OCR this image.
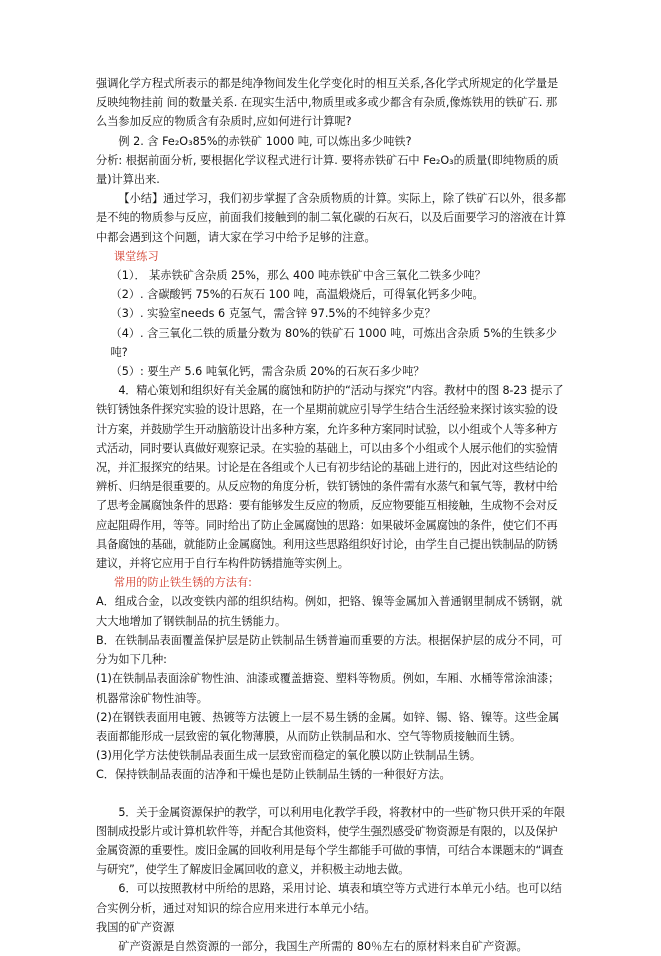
强调化学方程式所表示的都是纯净物间发生化学变化时的相互关系,各化学式所规定的化学量是反映纯物挂前 间的数量关系. 在现实生活中,物质里或多或少都含有杂质,像炼铁用的铁矿石. 那么当参加反应的物质含有杂质时,应如何进行计算呢?

例 2. 含 Fe₂O₃85%的赤铁矿 1000 吨, 可以炼出多少吨铁?

分析: 根据前面分析, 要根据化学议程式进行计算. 要将赤铁矿石中 Fe₂O₃的质量(即纯物质的质量)计算出来.

【小结】通过学习，我们初步掌握了含杂质物质的计算。实际上，除了铁矿石以外，很多都是不纯的物质参与反应，前面我们接触到的制二氧化碳的石灰石，以及后面要学习的溶液在计算中都会遇到这个问题，请大家在学习中给予足够的注意。

课堂练习

（1）． 某赤铁矿含杂质 25%，那么 400 吨赤铁矿中含三氧化二铁多少吨？

（2）. 含碳酸钙 75%的石灰石 100 吨，高温煅烧后，可得氧化钙多少吨。

（3）. 实验室needs 6 克氢气，需含锌 97.5%的不纯锌多少克？

（4）. 含三氧化二铁的质量分数为 80%的铁矿石 1000 吨，可炼出含杂质 5%的生铁多少吨?

（5）: 要生产 5.6 吨氧化钙，需含杂质 20%的石灰石多少吨？

4．精心策划和组织好有关金属的腐蚀和防护的“活动与探究”内容。教材中的图 8-23 提示了铁钉锈蚀条件探究实验的设计思路，在一个星期前就应引导学生结合生活经验来探讨该实验的设计方案，并鼓励学生开动脑筋设计出多种方案，允许多种方案同时试验，以小组或个人等多种方式活动，同时要认真做好观察记录。在实验的基础上，可以由多个小组或个人展示他们的实验情况，并汇报探究的结果。讨论是在各组或个人已有初步结论的基础上进行的，因此对这些结论的辨析、归纳是很重要的。从反应物的角度分析，铁钉锈蚀的条件需有水蒸气和氧气等，教材中给了思考金属腐蚀条件的思路：要有能够发生反应的物质，反应物要能互相接触，生成物不会对反应起阻碍作用，等等。同时给出了防止金属腐蚀的思路：如果破坏金属腐蚀的条件，使它们不再具备腐蚀的基础，就能防止金属腐蚀。利用这些思路组织好讨论，由学生自己提出铁制品的防锈建议，并将它应用于自行车构件防锈措施等实例上。

常用的防止铁生锈的方法有:

A．组成合金，以改变铁内部的组织结构。例如，把铬、镍等金属加入普通钢里制成不锈钢，就大大地增加了钢铁制品的抗生锈能力。

B．在铁制品表面覆盖保护层是防止铁制品生锈普遍而重要的方法。根据保护层的成分不同，可分为如下几种:

(1)在铁制品表面涂矿物性油、油漆或覆盖搪瓷、塑料等物质。例如，车厢、水桶等常涂油漆；机器常涂矿物性油等。

(2)在钢铁表面用电镀、热镀等方法镀上一层不易生锈的金属。如锌、锡、铬、镍等。这些金属表面都能形成一层致密的氧化物薄膜，从而防止铁制品和水、空气等物质接触而生锈。

(3)用化学方法使铁制品表面生成一层致密而稳定的氧化膜以防止铁制品生锈。

C．保持铁制品表面的洁净和干燥也是防止铁制品生锈的一种很好方法。

5．关于金属资源保护的教学，可以利用电化教学手段，将教材中的一些矿物只供开采的年限图制成投影片或计算机软件等，并配合其他资料，使学生强烈感受矿物资源是有限的，以及保护金属资源的重要性。废旧金属的回收利用是每个学生都能手可做的事情，可结合本课题末的“调查与研究”，使学生了解废旧金属回收的意义，并积极主动地去做。

6．可以按照教材中所给的思路，采用讨论、填表和填空等方式进行本单元小结。也可以结合实例分析，通过对知识的综合应用来进行本单元小结。

我国的矿产资源

矿产资源是自然资源的一部分，我国生产所需的 80％左右的原材料来自矿产资源。
